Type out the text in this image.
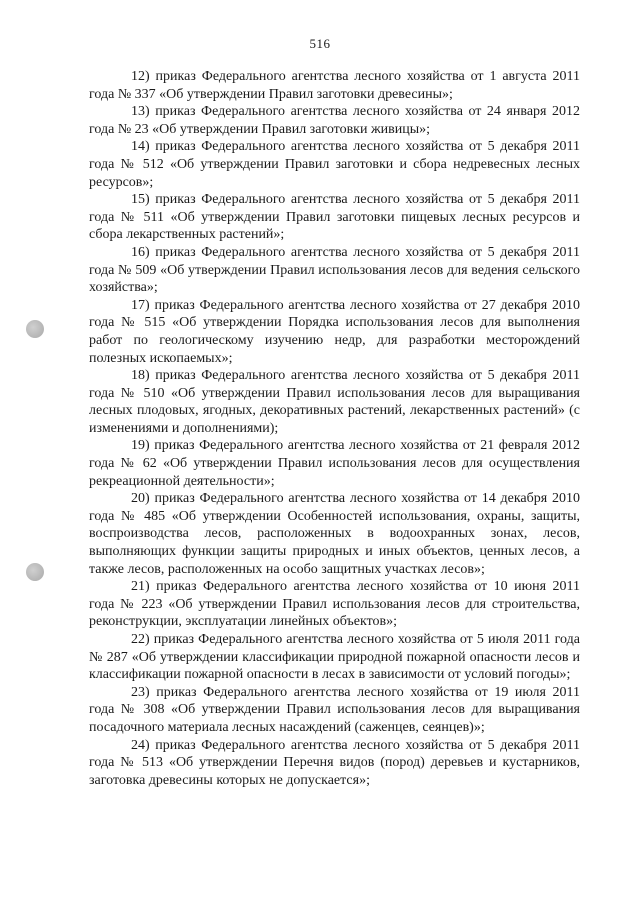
516

12) приказ Федерального агентства лесного хозяйства от 1 августа 2011 года № 337 «Об утверждении Правил заготовки древесины»;

13) приказ Федерального агентства лесного хозяйства от 24 января 2012 года № 23 «Об утверждении Правил заготовки живицы»;

14) приказ Федерального агентства лесного хозяйства от 5 декабря 2011 года № 512 «Об утверждении Правил заготовки и сбора недревесных лесных ресурсов»;

15) приказ Федерального агентства лесного хозяйства от 5 декабря 2011 года № 511 «Об утверждении Правил заготовки пищевых лесных ресурсов и сбора лекарственных растений»;

16) приказ Федерального агентства лесного хозяйства от 5 декабря 2011 года № 509 «Об утверждении Правил использования лесов для ведения сельского хозяйства»;

17) приказ Федерального агентства лесного хозяйства от 27 декабря 2010 года № 515 «Об утверждении Порядка использования лесов для выполнения работ по геологическому изучению недр, для разработки месторождений полезных ископаемых»;

18) приказ Федерального агентства лесного хозяйства от 5 декабря 2011 года № 510 «Об утверждении Правил использования лесов для выращивания лесных плодовых, ягодных, декоративных растений, лекарственных растений» (с изменениями и дополнениями);

19) приказ Федерального агентства лесного хозяйства от 21 февраля 2012 года № 62 «Об утверждении Правил использования лесов для осуществления рекреационной деятельности»;

20) приказ Федерального агентства лесного хозяйства от 14 декабря 2010 года № 485 «Об утверждении Особенностей использования, охраны, защиты, воспроизводства лесов, расположенных в водоохранных зонах, лесов, выполняющих функции защиты природных и иных объектов, ценных лесов, а также лесов, расположенных на особо защитных участках лесов»;

21) приказ Федерального агентства лесного хозяйства от 10 июня 2011 года № 223 «Об утверждении Правил использования лесов для строительства, реконструкции, эксплуатации линейных объектов»;

22) приказ Федерального агентства лесного хозяйства от 5 июля 2011 года № 287 «Об утверждении классификации природной пожарной опасности лесов и классификации пожарной опасности в лесах в зависимости от условий погоды»;

23) приказ Федерального агентства лесного хозяйства от 19 июля 2011 года № 308 «Об утверждении Правил использования лесов для выращивания посадочного материала лесных насаждений (саженцев, сеянцев)»;

24) приказ Федерального агентства лесного хозяйства от 5 декабря 2011 года № 513 «Об утверждении Перечня видов (пород) деревьев и кустарников, заготовка древесины которых не допускается»;
